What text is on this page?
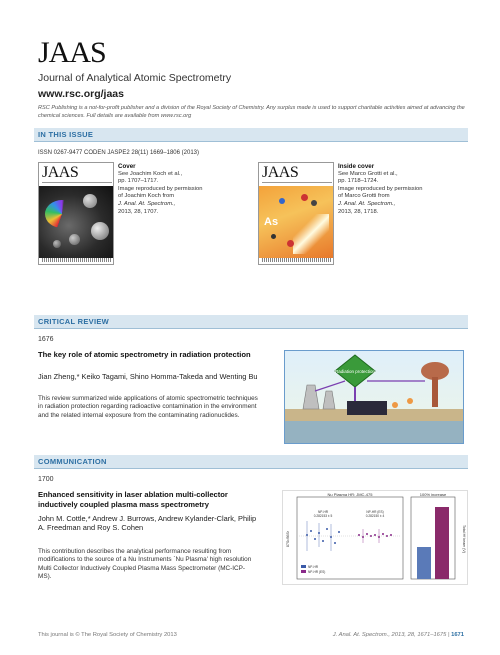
JAAS
Journal of Analytical Atomic Spectrometry
www.rsc.org/jaas
RSC Publishing is a not-for-profit publisher and a division of the Royal Society of Chemistry. Any surplus made is used to support charitable activities aimed at advancing the chemical sciences. Full details are available from www.rsc.org
IN THIS ISSUE
ISSN 0267-9477 CODEN JASPE2 28(11) 1669–1806 (2013)
JAAS	Cover
See Joachim Koch et al.,
pp. 1707–1717.
Image reproduced by permission
of Joachim Koch from
J. Anal. At. Spectrom.,
2013, 28, 1707.
JAAS
As
Inside cover
See Marco Grotti et al.,
pp. 1718–1724.
Image reproduced by permission
of Marco Grotti from
J. Anal. At. Spectrom.,
2013, 28, 1718.
CRITICAL REVIEW
1676
The key role of atomic spectrometry in radiation protection
Jian Zheng,* Keiko Tagami, Shino Homma-Takeda and Wenting Bu
This review summarized wide applications of atomic spectrometric techniques in radiation protection regarding radioactive contamination in the environment and the related internal exposure from the contaminating radionuclides.
Radiation protection
COMMUNICATION
1700
Enhanced sensitivity in laser ablation multi-collector inductively coupled plasma mass spectrometry
John M. Cottle,* Andrew J. Burrows, Andrew Kylander-Clark, Philip A. Freedman and Roy S. Cohen
This contribution describes the analytical performance resulting from modifications to the source of a Nu Instruments `Nu Plasma' high resolution Multi Collector Inductively Coupled Plasma Mass Spectrometer (MC-ICP-MS).
Nu Plasma HR: JMC-475
87Sr/86Sr
NP-HR
0.282153 ± 5
NP-HR (ES)
0.282150 ± 4
NP-HR
NP-HR (ES)
100% increase
Total Hf beam (V)
This journal is © The Royal Society of Chemistry 2013	J. Anal. At. Spectrom., 2013, 28, 1671–1675 | 1671
